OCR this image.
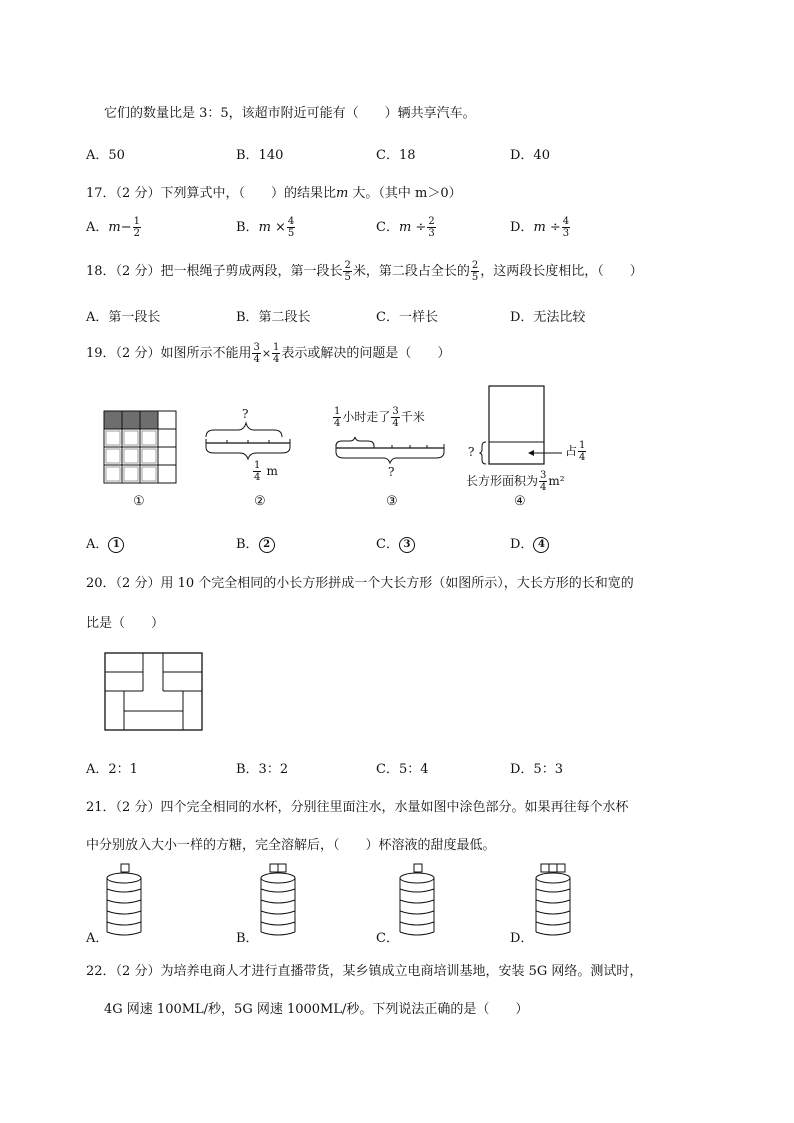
它们的数量比是 3：5，该超市附近可能有（　　）辆共享汽车。
A．50	B．140	C．18	D．40
17．（2 分）下列算式中，（　　）的结果比m 大。（其中 m＞0）
A．$m- \frac{1}{2}$	B．$m \times \frac{4}{5}$	C．$m \div \frac{2}{3}$	D．$m \div \frac{4}{3}$
18．（2 分）把一根绳子剪成两段，第一段长 $\frac{2}{5}$ 米，第二段占全长的 $\frac{2}{5}$ ，这两段长度相比，（　　）
A．第一段长	B．第二段长	C．一样长	D．无法比较
19．（2 分）如图所示不能用 $\frac{3}{4} \times \frac{1}{4}$ 表示或解决的问题是（　　）
?
$\frac{1}{4}$ m
$\frac{1}{4}$ 小时走了 $\frac{3}{4}$ 千米
?
?	占 $\frac{1}{4}$
长方形面积为 $\frac{3}{4} m^2$
①	②	③	④
A． 1	B． 2	C． 3	D． 4
20．（2 分）用 10 个完全相同的小长方形拼成一个大长方形（如图所示），大长方形的长和宽的
比是（　　）
A．2：1	B．3：2	C．5：4	D．5：3
21．（2 分）四个完全相同的水杯，分别往里面注水，水量如图中涂色部分。如果再往每个水杯
中分别放入大小一样的方糖，完全溶解后，（　　）杯溶液的甜度最低。
A．	B．	C．	D．
22．（2 分）为培养电商人才进行直播带货，某乡镇成立电商培训基地，安装 5G 网络。测试时，
4G 网速 100ML/秒，5G 网速 1000ML/秒。下列说法正确的是（　　）
